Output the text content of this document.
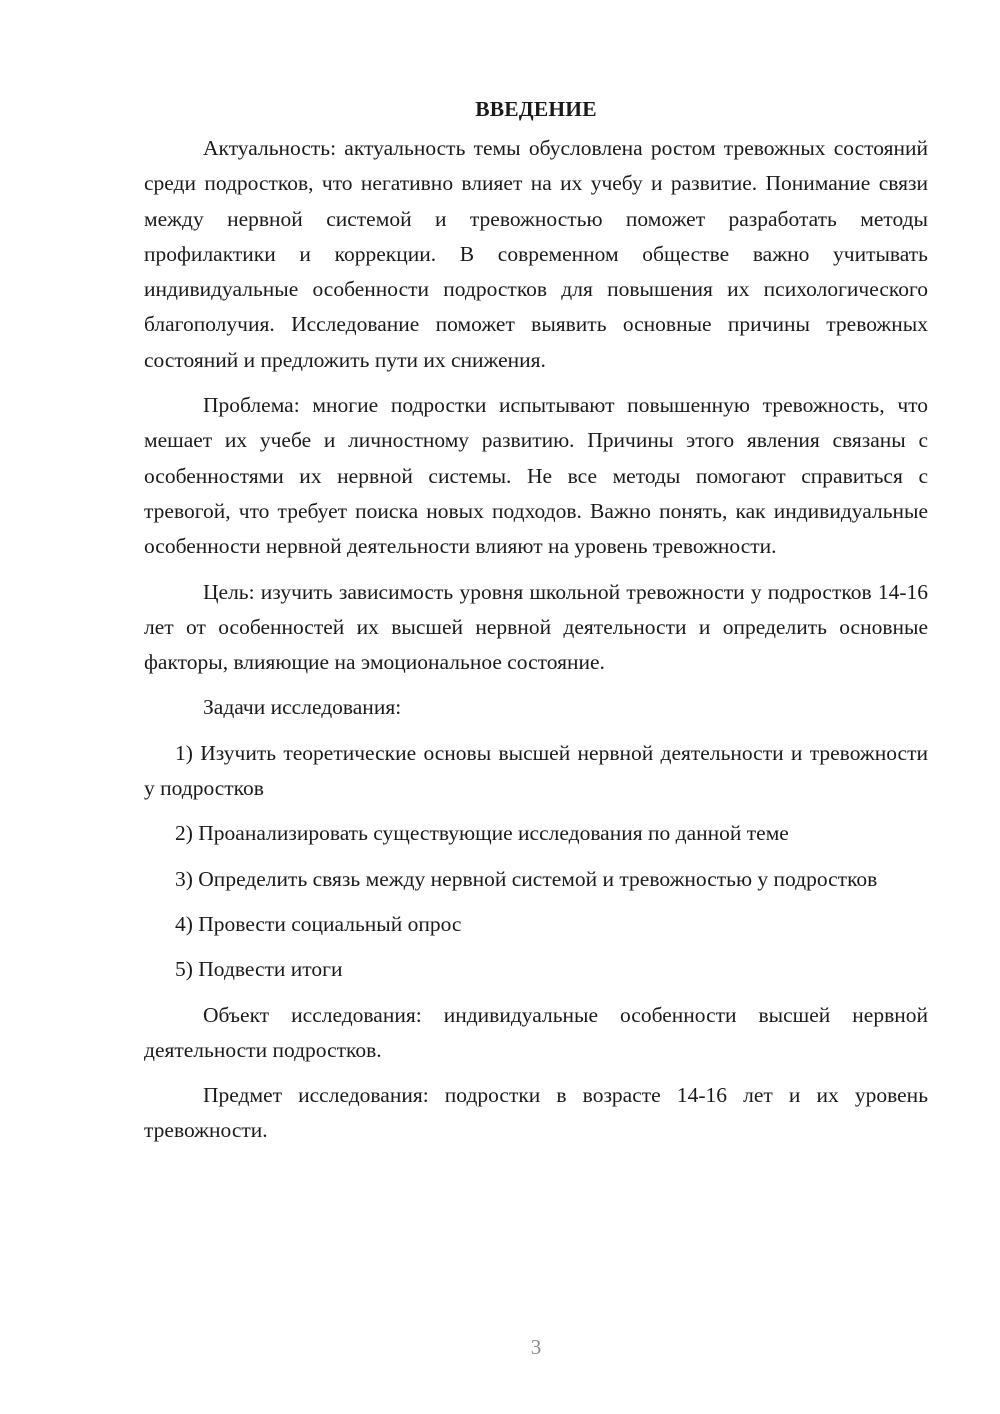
ВВЕДЕНИЕ

Актуальность: актуальность темы обусловлена ростом тревожных состояний среди подростков, что негативно влияет на их учебу и развитие. Понимание связи между нервной системой и тревожностью поможет разработать методы профилактики и коррекции. В современном обществе важно учитывать индивидуальные особенности подростков для повышения их психологического благополучия. Исследование поможет выявить основные причины тревожных состояний и предложить пути их снижения.

Проблема: многие подростки испытывают повышенную тревожность, что мешает их учебе и личностному развитию. Причины этого явления связаны с особенностями их нервной системы. Не все методы помогают справиться с тревогой, что требует поиска новых подходов. Важно понять, как индивидуальные особенности нервной деятельности влияют на уровень тревожности.

Цель: изучить зависимость уровня школьной тревожности у подростков 14-16 лет от особенностей их высшей нервной деятельности и определить основные факторы, влияющие на эмоциональное состояние.

Задачи исследования:

1) Изучить теоретические основы высшей нервной деятельности и тревожности у подростков

2) Проанализировать существующие исследования по данной теме

3) Определить связь между нервной системой и тревожностью у подростков

4) Провести социальный опрос

5) Подвести итоги

Объект исследования: индивидуальные особенности высшей нервной деятельности подростков.

Предмет исследования: подростки в возрасте 14-16 лет и их уровень тревожности.

3
